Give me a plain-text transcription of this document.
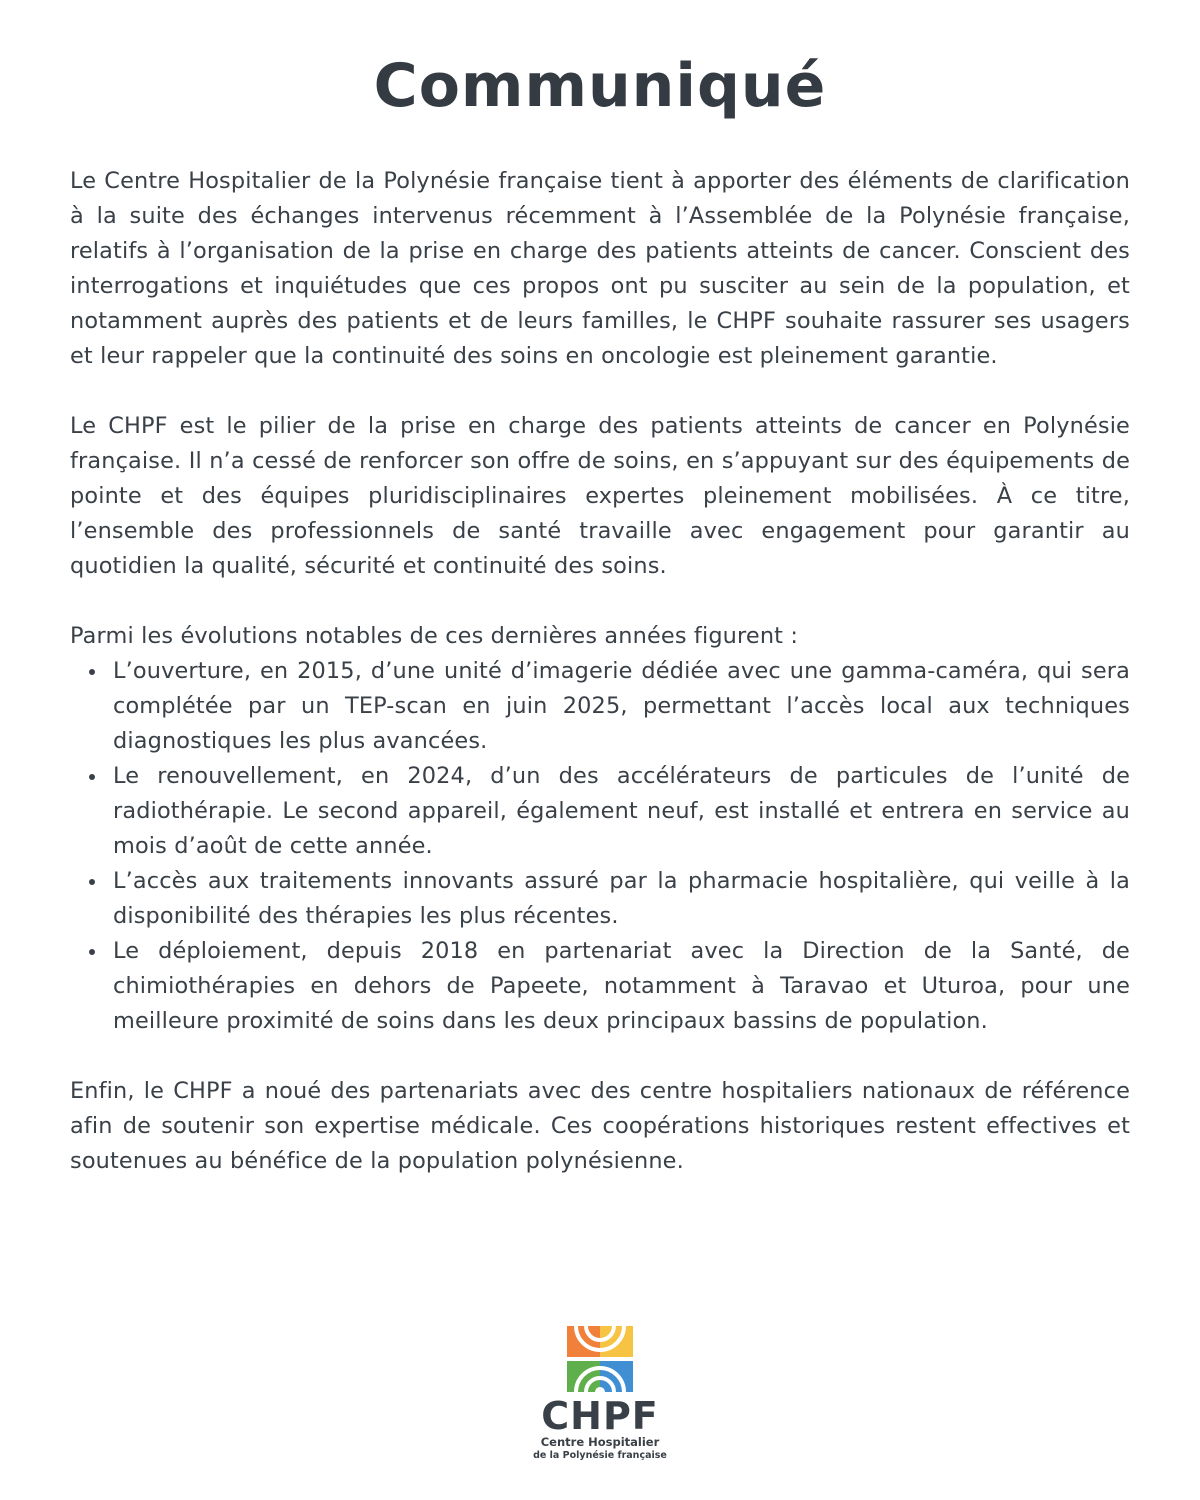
Communiqué

Le Centre Hospitalier de la Polynésie française tient à apporter des éléments de clarification à la suite des échanges intervenus récemment à l’Assemblée de la Polynésie française, relatifs à l’organisation de la prise en charge des patients atteints de cancer. Conscient des interrogations et inquiétudes que ces propos ont pu susciter au sein de la population, et notamment auprès des patients et de leurs familles, le CHPF souhaite rassurer ses usagers et leur rappeler que la continuité des soins en oncologie est pleinement garantie.

Le CHPF est le pilier de la prise en charge des patients atteints de cancer en Polynésie française. Il n’a cessé de renforcer son offre de soins, en s’appuyant sur des équipements de pointe et des équipes pluridisciplinaires expertes pleinement mobilisées. À ce titre, l’ensemble des professionnels de santé travaille avec engagement pour garantir au quotidien la qualité, sécurité et continuité des soins.

Parmi les évolutions notables de ces dernières années figurent :

L’ouverture, en 2015, d’une unité d’imagerie dédiée avec une gamma-caméra, qui sera complétée par un TEP-scan en juin 2025, permettant l’accès local aux techniques diagnostiques les plus avancées.
Le renouvellement, en 2024, d’un des accélérateurs de particules de l’unité de radiothérapie. Le second appareil, également neuf, est installé et entrera en service au mois d’août de cette année.
L’accès aux traitements innovants assuré par la pharmacie hospitalière, qui veille à la disponibilité des thérapies les plus récentes.
Le déploiement, depuis 2018 en partenariat avec la Direction de la Santé, de chimiothérapies en dehors de Papeete, notamment à Taravao et Uturoa, pour une meilleure proximité de soins dans les deux principaux bassins de population.

Enfin, le CHPF a noué des partenariats avec des centre hospitaliers nationaux de référence afin de soutenir son expertise médicale. Ces coopérations historiques restent effectives et soutenues au bénéfice de la population polynésienne.

CHPF
Centre Hospitalier
de la Polynésie française
